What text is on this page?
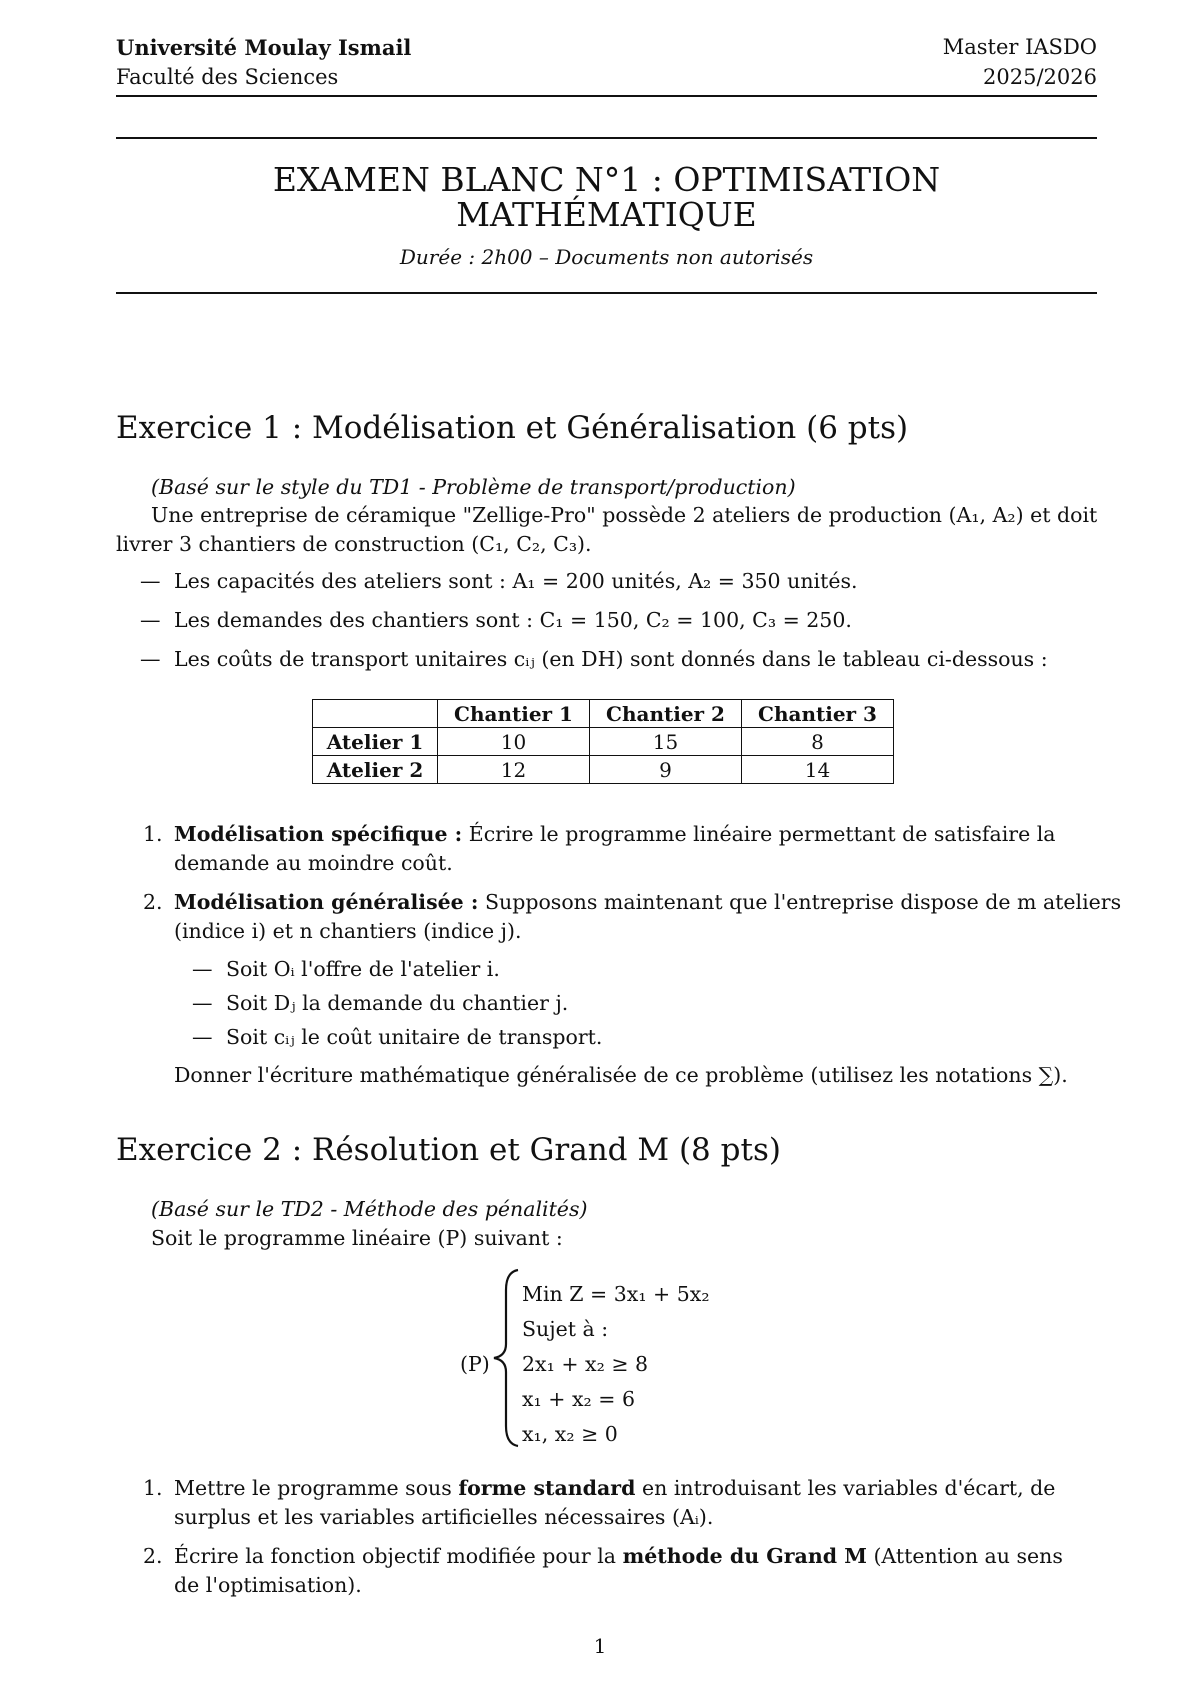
Université Moulay Ismail
Faculté des Sciences
Master IASDO
2025/2026
EXAMEN BLANC N°1 : OPTIMISATION
MATHÉMATIQUE
Durée : 2h00 – Documents non autorisés
Exercice 1 : Modélisation et Généralisation (6 pts)
(Basé sur le style du TD1 - Problème de transport/production)
Une entreprise de céramique "Zellige-Pro" possède 2 ateliers de production (A₁, A₂) et doit
livrer 3 chantiers de construction (C₁, C₂, C₃).
— Les capacités des ateliers sont : A₁ = 200 unités, A₂ = 350 unités.
— Les demandes des chantiers sont : C₁ = 150, C₂ = 100, C₃ = 250.
— Les coûts de transport unitaires cᵢⱼ (en DH) sont donnés dans le tableau ci-dessous :
	Chantier 1	Chantier 2	Chantier 3
Atelier 1	10	15	8
Atelier 2	12	9	14
1. Modélisation spécifique : Écrire le programme linéaire permettant de satisfaire la
demande au moindre coût.
2. Modélisation généralisée : Supposons maintenant que l'entreprise dispose de m ateliers
(indice i) et n chantiers (indice j).
— Soit Oᵢ l'offre de l'atelier i.
— Soit Dⱼ la demande du chantier j.
— Soit cᵢⱼ le coût unitaire de transport.
Donner l'écriture mathématique généralisée de ce problème (utilisez les notations ∑).
Exercice 2 : Résolution et Grand M (8 pts)
(Basé sur le TD2 - Méthode des pénalités)
Soit le programme linéaire (P) suivant :
(P)
Min Z = 3x₁ + 5x₂
Sujet à :
2x₁ + x₂ ≥ 8
x₁ + x₂ = 6
x₁, x₂ ≥ 0
1. Mettre le programme sous forme standard en introduisant les variables d'écart, de
surplus et les variables artificielles nécessaires (Aᵢ).
2. Écrire la fonction objectif modifiée pour la méthode du Grand M (Attention au sens
de l'optimisation).
1
